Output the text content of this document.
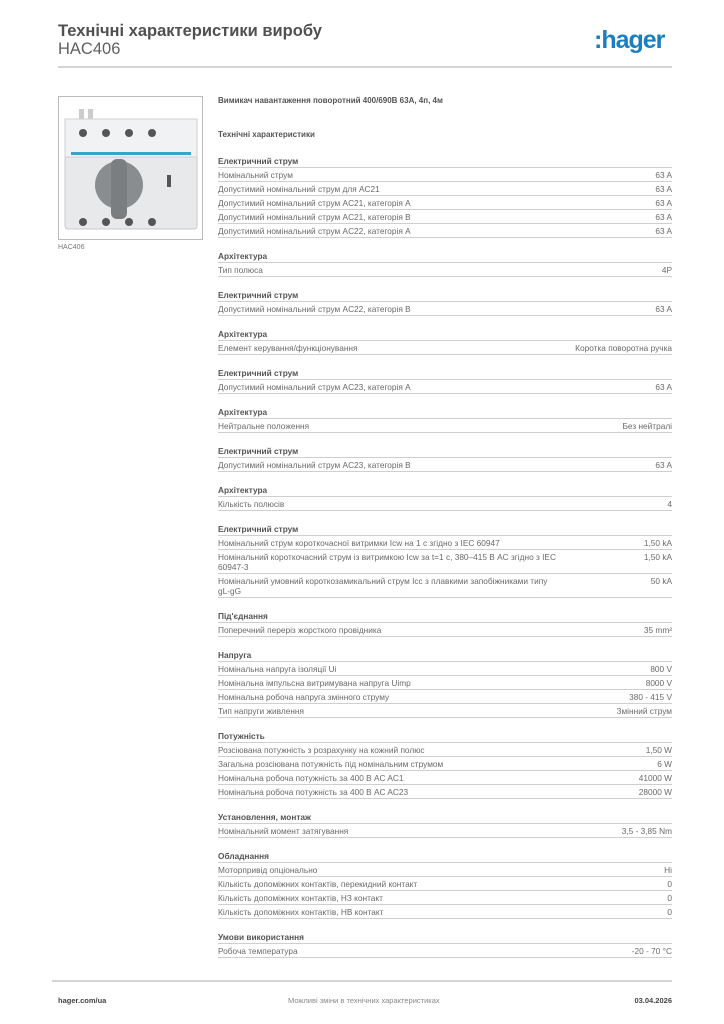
Технічні характеристики виробу
HAC406	:hager
HAC406
Вимикач навантаження поворотний 400/690В 63А, 4п, 4м
Технічні характеристики
Електричний струм
Номінальний струм	63 A
Допустимий номінальний струм для AC21	63 A
Допустимий номінальний струм AC21, категорія A	63 A
Допустимий номінальний струм AC21, категорія B	63 A
Допустимий номінальний струм AC22, категорія A	63 A
Архітектура
Тип полюса	4P
Електричний струм
Допустимий номінальний струм AC22, категорія B	63 A
Архітектура
Елемент керування/функціонування	Коротка поворотна ручка
Електричний струм
Допустимий номінальний струм AC23, категорія A	63 A
Архітектура
Нейтральне положення	Без нейтралі
Електричний струм
Допустимий номінальний струм AC23, категорія B	63 A
Архітектура
Кількість полюсів	4
Електричний струм
Номінальний струм короткочасної витримки Icw на 1 с згідно з IEC 60947	1,50 kA
Номінальний короткочасний струм із витримкою Icw за t=1 с, 380–415 В AC згідно з IEC 60947-3
1,50 kA
Номінальний умовний короткозамикальний струм Icc з плавкими запобіжниками типу gL-gG
50 kA
Під'єднання
Поперечний переріз жорсткого провідника	35 mm²
Напруга
Номінальна напруга ізоляції Ui	800 V
Номінальна імпульсна витримувана напруга Uimp	8000 V
Номінальна робоча напруга змінного струму	380 - 415 V
Тип напруги живлення	Змінний струм
Потужність
Розсіювана потужність з розрахунку на кожний полюс	1,50 W
Загальна розсіювана потужність під номінальним струмом	6 W
Номінальна робоча потужність за 400 В AC AC1	41000 W
Номінальна робоча потужність за 400 В AC AC23	28000 W
Установлення, монтаж
Номінальний момент затягування	3,5 - 3,85 Nm
Обладнання
Моторпривід опціонально	Ні
Кількість допоміжних контактів, перекидний контакт	0
Кількість допоміжних контактів, НЗ контакт	0
Кількість допоміжних контактів, НВ контакт	0
Умови використання
Робоча температура	-20 - 70 °C
hager.com/ua	Можливі зміни в технічних характеристиках	03.04.2026
